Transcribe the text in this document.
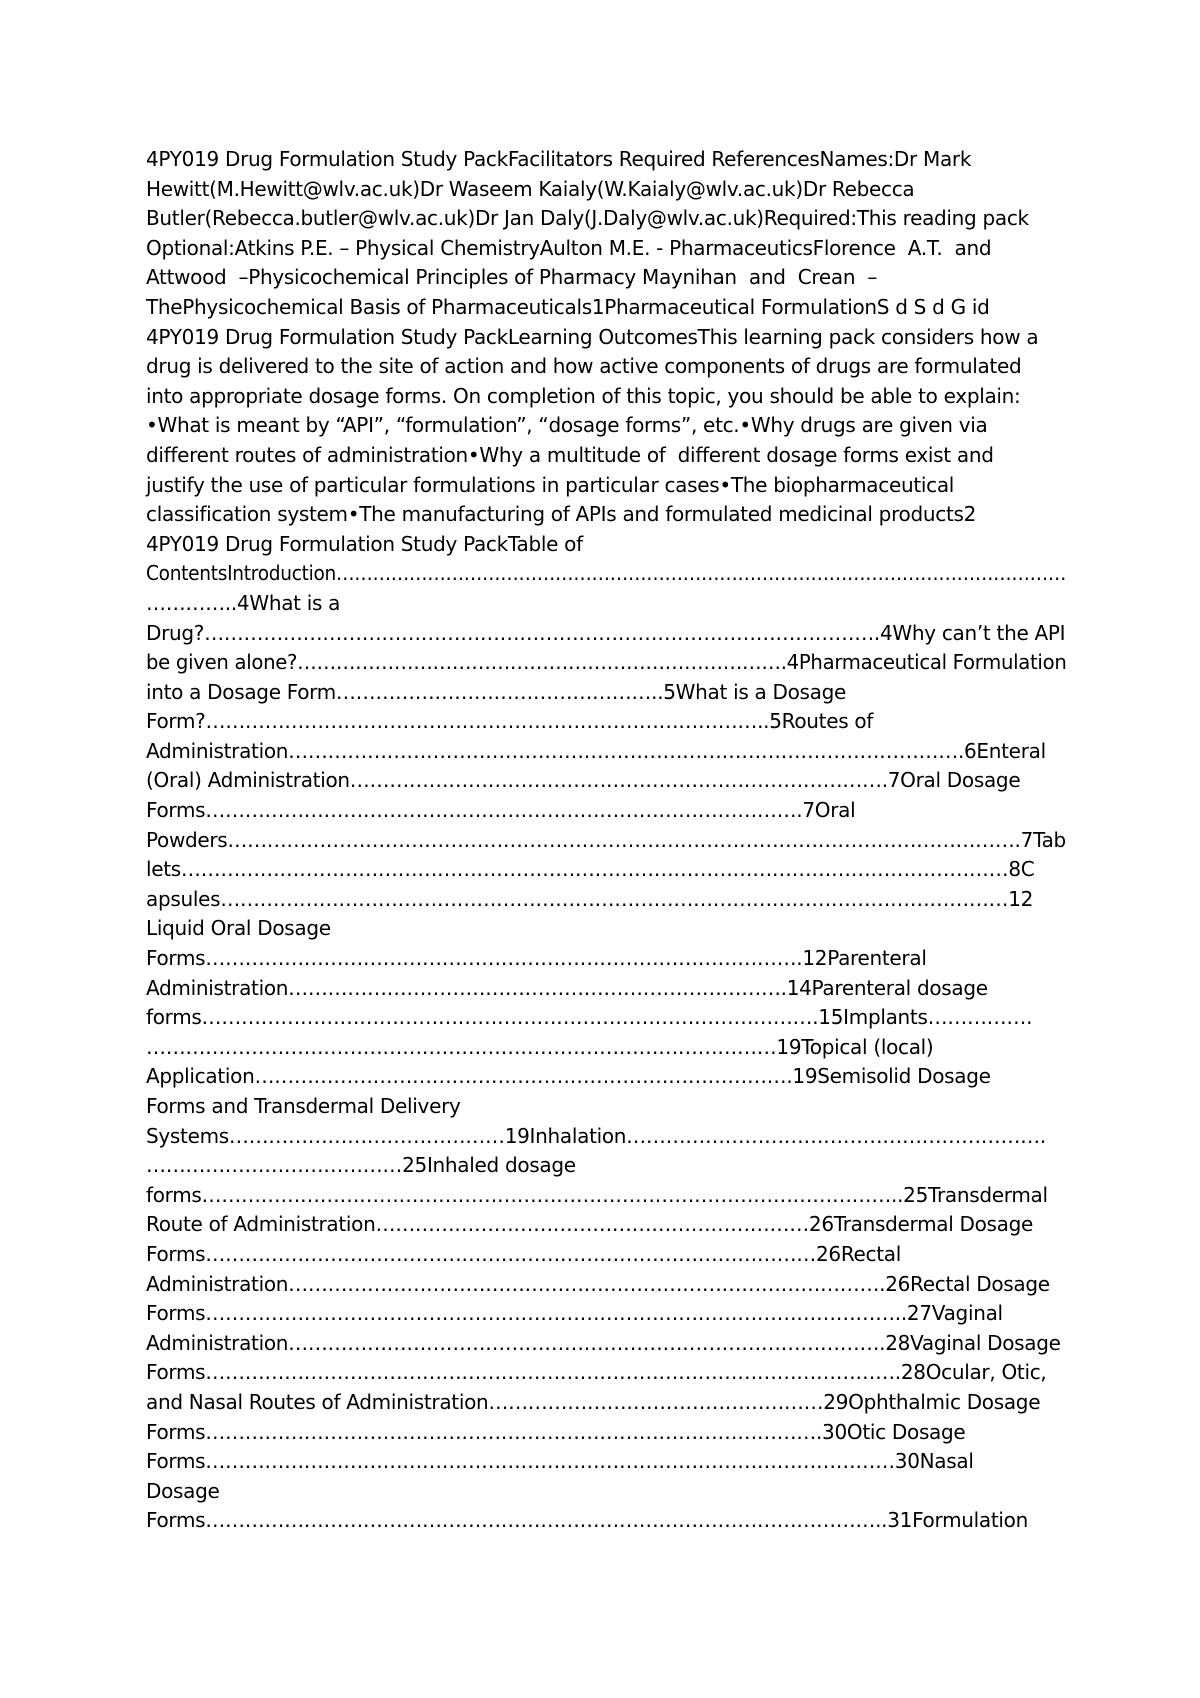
4PY019 Drug Formulation Study PackFacilitators Required ReferencesNames:Dr Mark
Hewitt(M.Hewitt@wlv.ac.uk)Dr Waseem Kaialy(W.Kaialy@wlv.ac.uk)Dr Rebecca
Butler(Rebecca.butler@wlv.ac.uk)Dr Jan Daly(J.Daly@wlv.ac.uk)Required:This reading pack
Optional:Atkins P.E. – Physical ChemistryAulton M.E. - PharmaceuticsFlorence  A.T.  and
Attwood  –Physicochemical Principles of Pharmacy Maynihan  and  Crean  –
ThePhysicochemical Basis of Pharmaceuticals1Pharmaceutical FormulationS d S d G id
4PY019 Drug Formulation Study PackLearning OutcomesThis learning pack considers how a
drug is delivered to the site of action and how active components of drugs are formulated
into appropriate dosage forms. On completion of this topic, you should be able to explain:
•What is meant by “API”, “formulation”, “dosage forms”, etc.•Why drugs are given via
different routes of administration•Why a multitude of  different dosage forms exist and
justify the use of particular formulations in particular cases•The biopharmaceutical
classification system•The manufacturing of APIs and formulated medicinal products2
4PY019 Drug Formulation Study PackTable of
ContentsIntroduction…………………………………………………………………………………………………………
…………..4What is a
Drug?………………………………………………………………………………………….4Why can’t the API
be given alone?………………………………………………………………….4Pharmaceutical Formulation
into a Dosage Form…………………………………………..5What is a Dosage
Form?…………………………………………………………………………..5Routes of
Administration………………………………………………………………………………………….6Enteral
(Oral) Administration……………………………………………………………………….7Oral Dosage
Forms……………………………………………………………………………….7Oral
Powders………………………………………………………………………………………………………….7Tab
lets………………………………………………………………………………………………………………8C
apsules…………………………………………………………………………………………………………12
Liquid Oral Dosage
Forms……………………………………………………………………………….12Parenteral
Administration………………………………………………………………….14Parenteral dosage
forms………………………………………………………………………………….15Implants…………….
……………………………………………………………………………………19Topical (local)
Application……………………………………………………………………….19Semisolid Dosage
Forms and Transdermal Delivery
Systems……………………………………19Inhalation……………………………………………………….
…………………………………25Inhaled dosage
forms……………………………………………………………………………………………..25Transdermal
Route of Administration…………………………………………………………26Transdermal Dosage
Forms…………………………………………………………………………………26Rectal
Administration……………………………………………………………………………….26Rectal Dosage
Forms……………………………………………………………………………………………..27Vaginal
Administration……………………………………………………………………………….28Vaginal Dosage
Forms…………………………………………………………………………………………….28Ocular, Otic,
and Nasal Routes of Administration……………………………………………29Ophthalmic Dosage
Forms………………………………………………………………………………….30Otic Dosage
Forms……………………………………………………………………………………………30Nasal
Dosage
Forms…………………………………………………………………………………………..31Formulation
